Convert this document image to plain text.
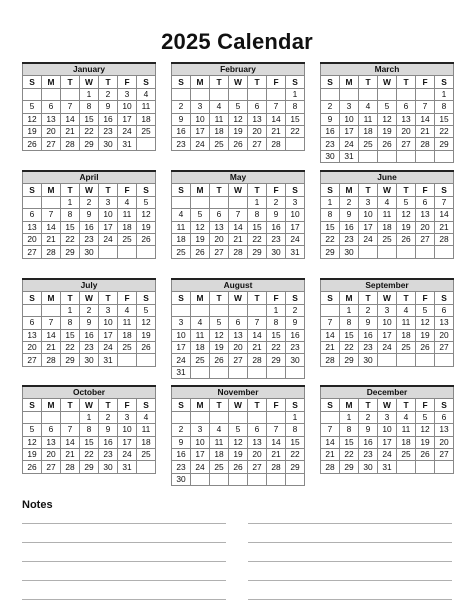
2025 Calendar
January						
S	M	T	W	T	F	S
			1	2	3	4
5	6	7	8	9	10	11
12	13	14	15	16	17	18
19	20	21	22	23	24	25
26	27	28	29	30	31	
February						
S	M	T	W	T	F	S
						1
2	3	4	5	6	7	8
9	10	11	12	13	14	15
16	17	18	19	20	21	22
23	24	25	26	27	28	
March						
S	M	T	W	T	F	S
						1
2	3	4	5	6	7	8
9	10	11	12	13	14	15
16	17	18	19	20	21	22
23	24	25	26	27	28	29
30	31					
April						
S	M	T	W	T	F	S
		1	2	3	4	5
6	7	8	9	10	11	12
13	14	15	16	17	18	19
20	21	22	23	24	25	26
27	28	29	30			
May						
S	M	T	W	T	F	S
				1	2	3
4	5	6	7	8	9	10
11	12	13	14	15	16	17
18	19	20	21	22	23	24
25	26	27	28	29	30	31
June						
S	M	T	W	T	F	S
1	2	3	4	5	6	7
8	9	10	11	12	13	14
15	16	17	18	19	20	21
22	23	24	25	26	27	28
29	30					
July						
S	M	T	W	T	F	S
		1	2	3	4	5
6	7	8	9	10	11	12
13	14	15	16	17	18	19
20	21	22	23	24	25	26
27	28	29	30	31		
August						
S	M	T	W	T	F	S
					1	2
3	4	5	6	7	8	9
10	11	12	13	14	15	16
17	18	19	20	21	22	23
24	25	26	27	28	29	30
31						
September						
S	M	T	W	T	F	S
	1	2	3	4	5	6
7	8	9	10	11	12	13
14	15	16	17	18	19	20
21	22	23	24	25	26	27
28	29	30				
October						
S	M	T	W	T	F	S
			1	2	3	4
5	6	7	8	9	10	11
12	13	14	15	16	17	18
19	20	21	22	23	24	25
26	27	28	29	30	31	
November						
S	M	T	W	T	F	S
						1
2	3	4	5	6	7	8
9	10	11	12	13	14	15
16	17	18	19	20	21	22
23	24	25	26	27	28	29
30						
December						
S	M	T	W	T	F	S
	1	2	3	4	5	6
7	8	9	10	11	12	13
14	15	16	17	18	19	20
21	22	23	24	25	26	27
28	29	30	31			
Notes
